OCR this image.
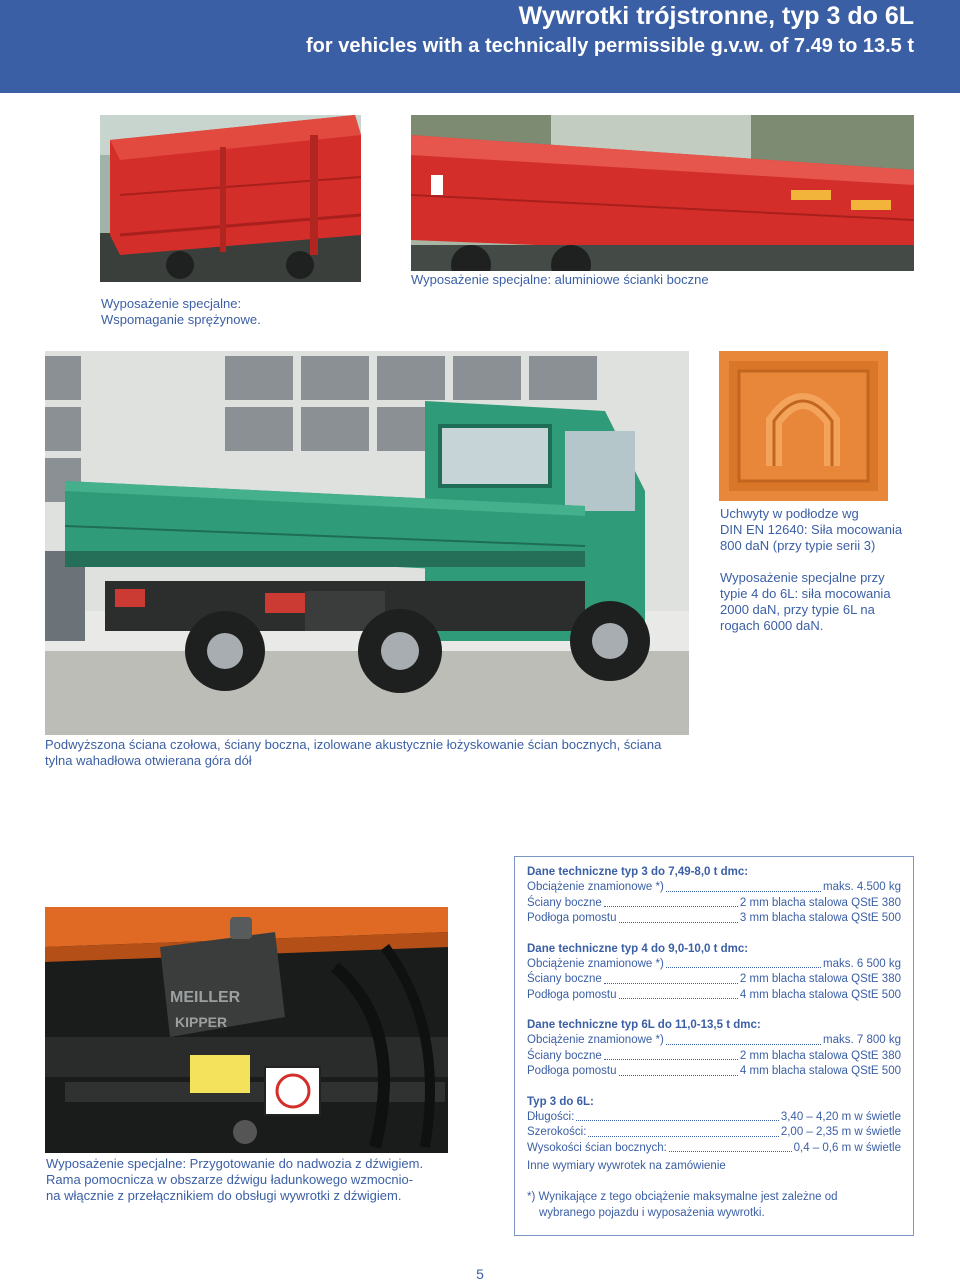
Wywrotki trójstronne, typ 3 do 6L
for vehicles with a technically permissible g.v.w. of 7.49 to 13.5 t
Wyposażenie specjalne:
Wspomaganie sprężynowe.
Wyposażenie specjalne: aluminiowe ścianki boczne
Uchwyty w podłodze wg
DIN EN 12640: Siła mocowania
800 daN (przy typie serii 3)
Wyposażenie specjalne przy
typie 4 do 6L: siła mocowania
2000 daN, przy typie 6L na
rogach 6000 daN.
Podwyższona ściana czołowa, ściany boczna, izolowane akustycznie łożyskowanie ścian bocznych, ściana
tylna wahadłowa otwierana góra dół
MEILLER
KIPPER
Wyposażenie specjalne: Przygotowanie do nadwozia z dźwigiem.
Rama pomocnicza w obszarze dźwigu ładunkowego wzmocnio-
na włącznie z przełącznikiem do obsługi wywrotki z dźwigiem.
Dane techniczne typ 3 do 7,49-8,0 t dmc:
Obciążenie znamionowe *)	maks. 4.500 kg
Ściany boczne	2 mm blacha stalowa QStE 380
Podłoga pomostu	3 mm blacha stalowa QStE 500
Dane techniczne typ 4 do 9,0-10,0 t dmc:
Obciążenie znamionowe *)	maks. 6 500 kg
Ściany boczne	2 mm blacha stalowa QStE 380
Podłoga pomostu	4 mm blacha stalowa QStE 500
Dane techniczne typ 6L do 11,0-13,5 t dmc:
Obciążenie znamionowe *)	maks. 7 800 kg
Ściany boczne	2 mm blacha stalowa QStE 380
Podłoga pomostu	4 mm blacha stalowa QStE 500
Typ 3 do 6L:
Długości:	3,40 – 4,20 m w świetle
Szerokości:	2,00 – 2,35 m w świetle
Wysokości ścian bocznych:	0,4 – 0,6 m w świetle
Inne wymiary wywrotek na zamówienie
*) Wynikające z tego obciążenie maksymalne jest zależne od
wybranego pojazdu i wyposażenia wywrotki.
5
